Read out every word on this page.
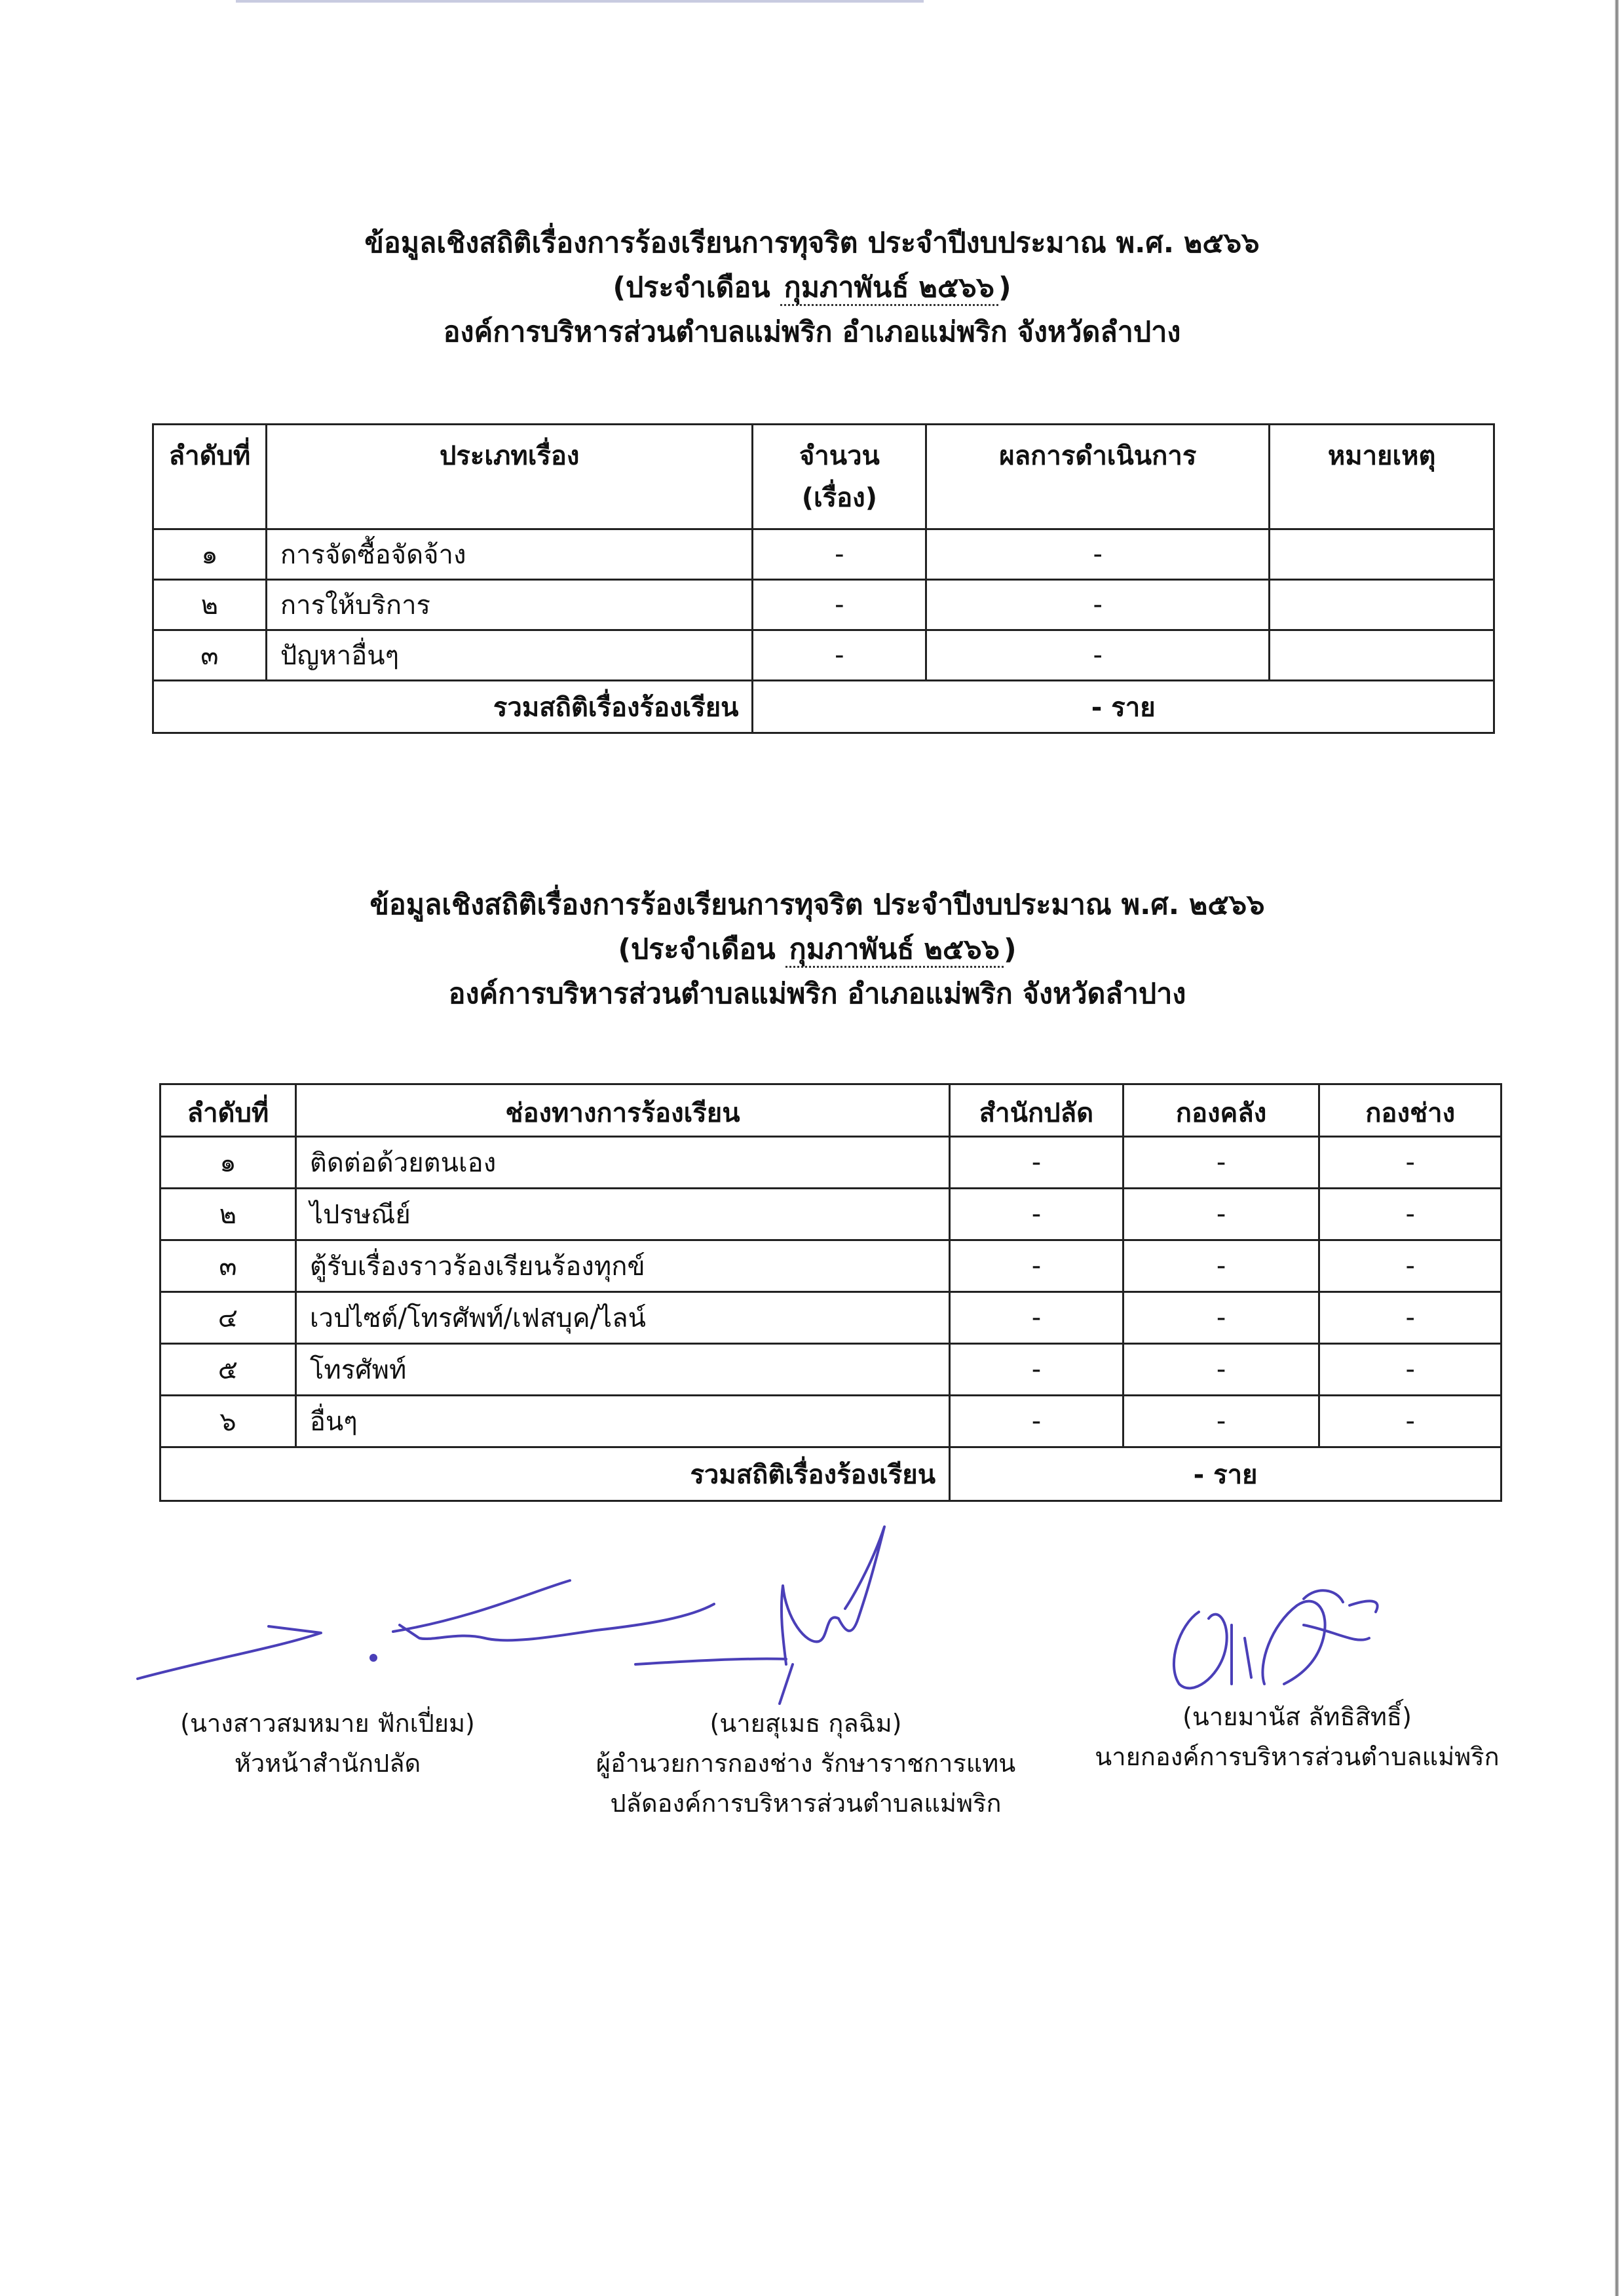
ข้อมูลเชิงสถิติเรื่องการร้องเรียนการทุจริต ประจำปีงบประมาณ พ.ศ. ๒๕๖๖
(ประจำเดือน กุมภาพันธ์ ๒๕๖๖ )
องค์การบริหารส่วนตำบลแม่พริก อำเภอแม่พริก จังหวัดลำปาง
ลำดับที่	ประเภทเรื่อง	จำนวน (เรื่อง)	ผลการดำเนินการ	หมายเหตุ
๑	การจัดซื้อจัดจ้าง	-	-	
๒	การให้บริการ	-	-	
๓	ปัญหาอื่นๆ	-	-	
รวมสถิติเรื่องร้องเรียน		- ราย		
ข้อมูลเชิงสถิติเรื่องการร้องเรียนการทุจริต ประจำปีงบประมาณ พ.ศ. ๒๕๖๖
(ประจำเดือน กุมภาพันธ์ ๒๕๖๖ )
องค์การบริหารส่วนตำบลแม่พริก อำเภอแม่พริก จังหวัดลำปาง
ลำดับที่	ช่องทางการร้องเรียน	สำนักปลัด	กองคลัง	กองช่าง
๑	ติดต่อด้วยตนเอง	-	-	-
๒	ไปรษณีย์	-	-	-
๓	ตู้รับเรื่องราวร้องเรียนร้องทุกข์	-	-	-
๔	เวปไซต์/โทรศัพท์/เฟสบุค/ไลน์	-	-	-
๕	โทรศัพท์	-	-	-
๖	อื่นๆ	-	-	-
รวมสถิติเรื่องร้องเรียน		- ราย		
(นางสาวสมหมาย ฟักเปี่ยม)
หัวหน้าสำนักปลัด
(นายสุเมธ กุลฉิม)
ผู้อำนวยการกองช่าง รักษาราชการแทน
ปลัดองค์การบริหารส่วนตำบลแม่พริก
(นายมานัส ลัทธิสิทธิ์)
นายกองค์การบริหารส่วนตำบลแม่พริก
